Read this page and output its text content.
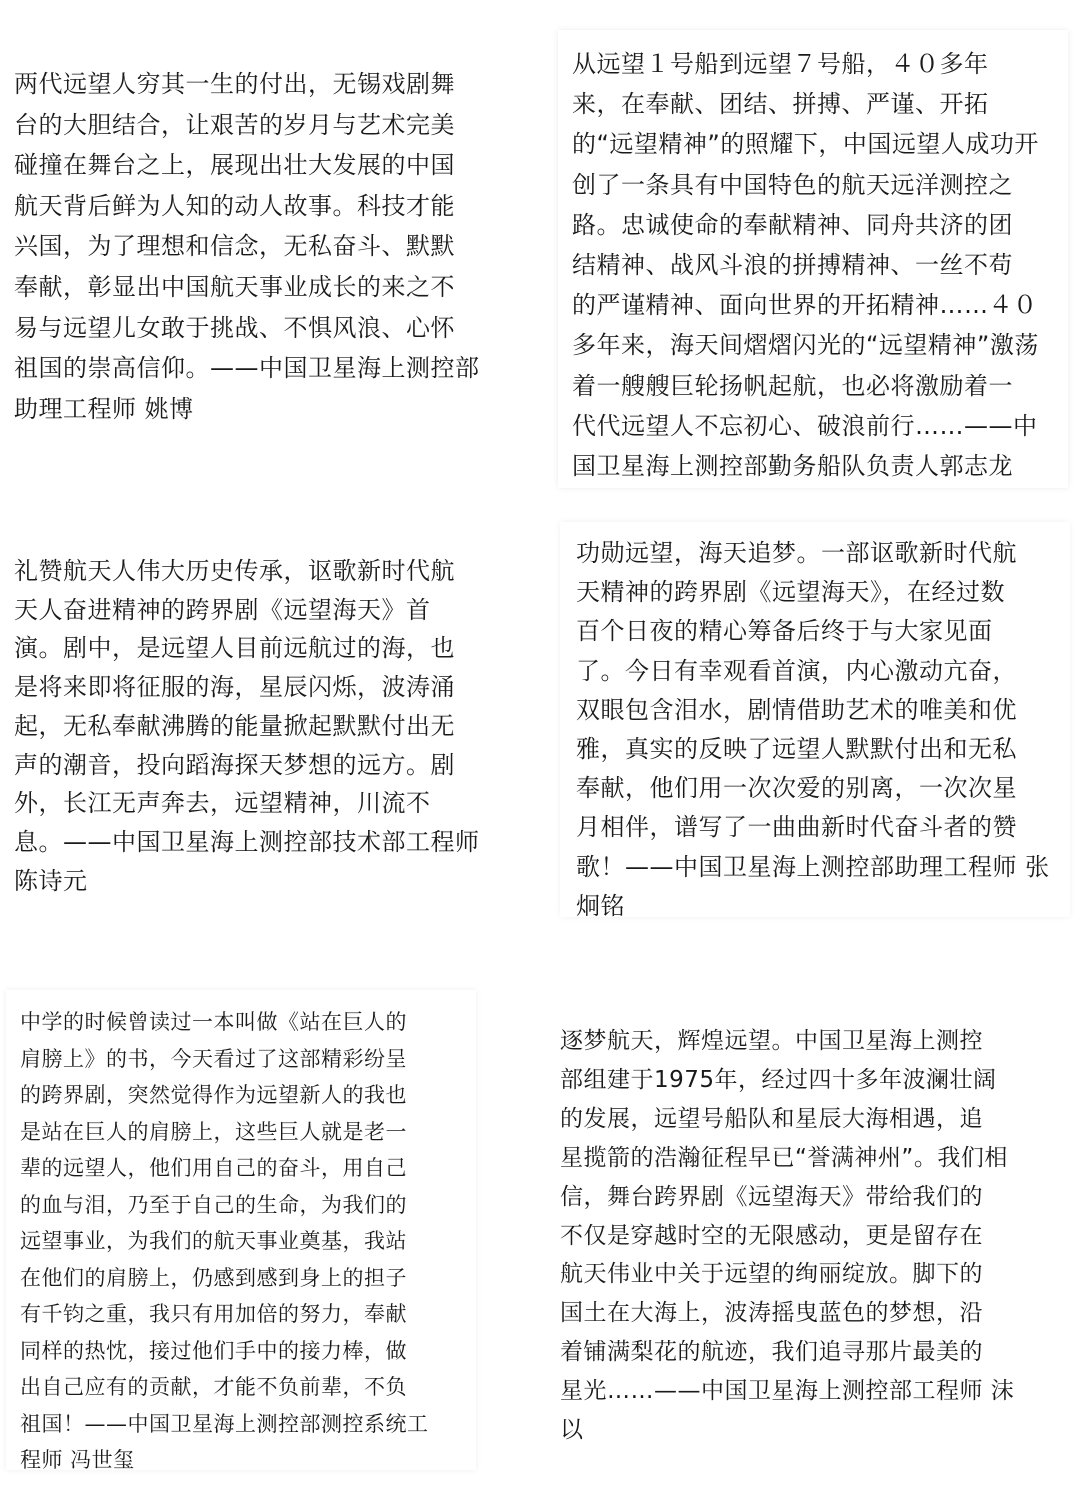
两代远望人穷其一生的付出，无锡戏剧舞
台的大胆结合，让艰苦的岁月与艺术完美
碰撞在舞台之上，展现出壮大发展的中国
航天背后鲜为人知的动人故事。科技才能
兴国，为了理想和信念，无私奋斗、默默
奉献，彰显出中国航天事业成长的来之不
易与远望儿女敢于挑战、不惧风浪、心怀
祖国的崇高信仰。——中国卫星海上测控部
助理工程师 姚博

从远望１号船到远望７号船，４０多年
来，在奉献、团结、拼搏、严谨、开拓
的“远望精神”的照耀下，中国远望人成功开
创了一条具有中国特色的航天远洋测控之
路。忠诚使命的奉献精神、同舟共济的团
结精神、战风斗浪的拼搏精神、一丝不苟
的严谨精神、面向世界的开拓精神……４０
多年来，海天间熠熠闪光的“远望精神”激荡
着一艘艘巨轮扬帆起航，也必将激励着一
代代远望人不忘初心、破浪前行……——中
国卫星海上测控部勤务船队负责人郭志龙

礼赞航天人伟大历史传承，讴歌新时代航
天人奋进精神的跨界剧《远望海天》首
演。剧中，是远望人目前远航过的海，也
是将来即将征服的海，星辰闪烁，波涛涌
起，无私奉献沸腾的能量掀起默默付出无
声的潮音，投向蹈海探天梦想的远方。剧
外，长江无声奔去，远望精神，川流不
息。——中国卫星海上测控部技术部工程师
陈诗元

功勋远望，海天追梦。一部讴歌新时代航
天精神的跨界剧《远望海天》，在经过数
百个日夜的精心筹备后终于与大家见面
了。今日有幸观看首演，内心激动亢奋，
双眼包含泪水，剧情借助艺术的唯美和优
雅，真实的反映了远望人默默付出和无私
奉献，他们用一次次爱的别离，一次次星
月相伴，谱写了一曲曲新时代奋斗者的赞
歌！——中国卫星海上测控部助理工程师 张
炯铭

中学的时候曾读过一本叫做《站在巨人的
肩膀上》的书，今天看过了这部精彩纷呈
的跨界剧，突然觉得作为远望新人的我也
是站在巨人的肩膀上，这些巨人就是老一
辈的远望人，他们用自己的奋斗，用自己
的血与泪，乃至于自己的生命，为我们的
远望事业，为我们的航天事业奠基，我站
在他们的肩膀上，仍感到感到身上的担子
有千钧之重，我只有用加倍的努力，奉献
同样的热忱，接过他们手中的接力棒，做
出自己应有的贡献，才能不负前辈，不负
祖国！——中国卫星海上测控部测控系统工
程师 冯世玺

逐梦航天，辉煌远望。中国卫星海上测控
部组建于1975年，经过四十多年波澜壮阔
的发展，远望号船队和星辰大海相遇，追
星揽箭的浩瀚征程早已“誉满神州”。我们相
信，舞台跨界剧《远望海天》带给我们的
不仅是穿越时空的无限感动，更是留存在
航天伟业中关于远望的绚丽绽放。脚下的
国土在大海上，波涛摇曳蓝色的梦想，沿
着铺满梨花的航迹，我们追寻那片最美的
星光……——中国卫星海上测控部工程师 沫
以
